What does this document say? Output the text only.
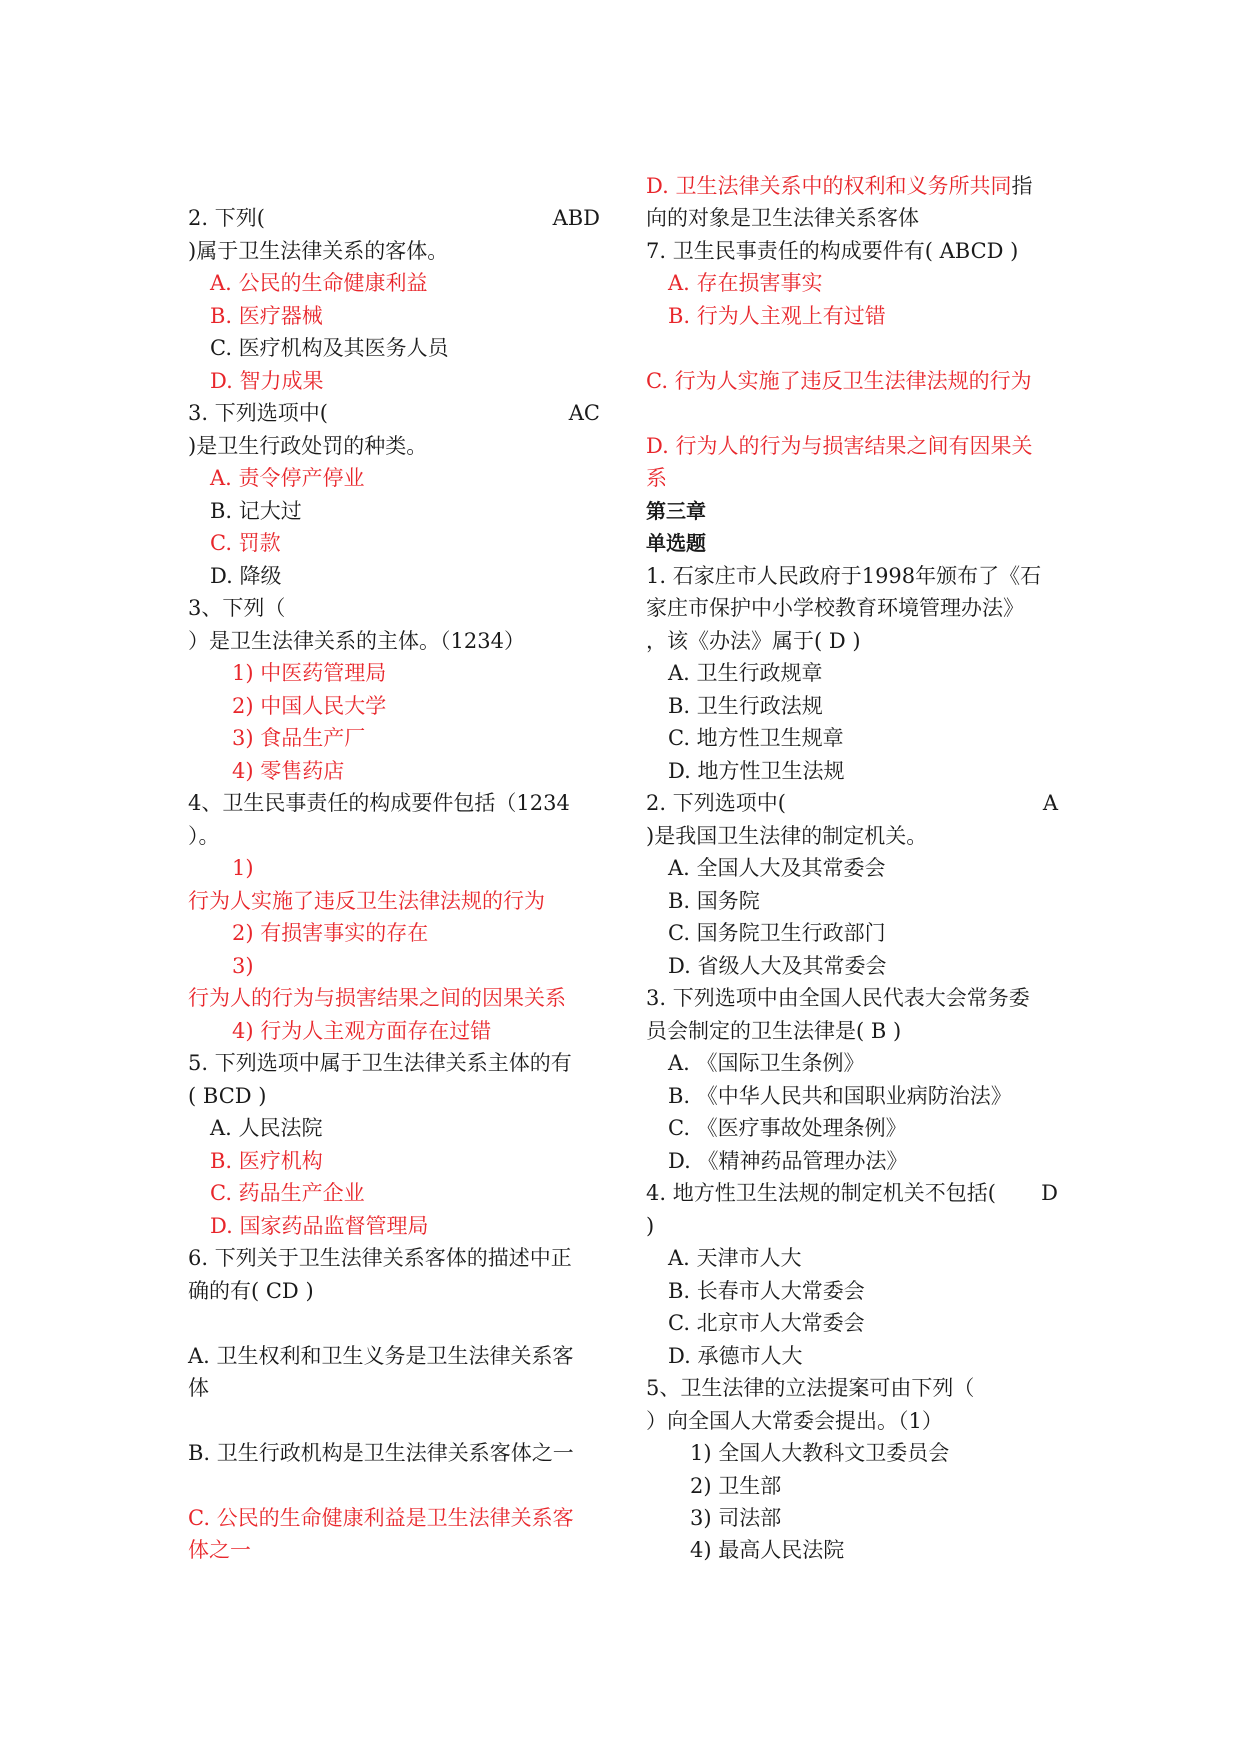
2. 下列(
)属于卫生法律关系的客体。
A. 公民的生命健康利益
B. 医疗器械
C. 医疗机构及其医务人员
D. 智力成果
3. 下列选项中(
)是卫生行政处罚的种类。
A. 责令停产停业
B. 记大过
C. 罚款
D. 降级
3、下列（
）是卫生法律关系的主体。（1234）
1) 中医药管理局
2) 中国人民大学
3) 食品生产厂
4) 零售药店
4、卫生民事责任的构成要件包括（1234
）。
1)
行为人实施了违反卫生法律法规的行为
2) 有损害事实的存在
3)
行为人的行为与损害结果之间的因果关系
4) 行为人主观方面存在过错
5. 下列选项中属于卫生法律关系主体的有
( BCD )
A. 人民法院
B. 医疗机构
C. 药品生产企业
D. 国家药品监督管理局
6. 下列关于卫生法律关系客体的描述中正
确的有( CD )
A. 卫生权利和卫生义务是卫生法律关系客
体
B. 卫生行政机构是卫生法律关系客体之一
C. 公民的生命健康利益是卫生法律关系客
体之一
ABD
AC
D. 卫生法律关系中的权利和义务所共同指
向的对象是卫生法律关系客体
7. 卫生民事责任的构成要件有( ABCD )
A. 存在损害事实
B. 行为人主观上有过错
C. 行为人实施了违反卫生法律法规的行为
D. 行为人的行为与损害结果之间有因果关
系
第三章
单选题
1. 石家庄市人民政府于1998年颁布了《石
家庄市保护中小学校教育环境管理办法》
，该《办法》属于( D )
A. 卫生行政规章
B. 卫生行政法规
C. 地方性卫生规章
D. 地方性卫生法规
2. 下列选项中(
)是我国卫生法律的制定机关。
A. 全国人大及其常委会
B. 国务院
C. 国务院卫生行政部门
D. 省级人大及其常委会
3. 下列选项中由全国人民代表大会常务委
员会制定的卫生法律是( B )
A. 《国际卫生条例》
B. 《中华人民共和国职业病防治法》
C. 《医疗事故处理条例》
D. 《精神药品管理办法》
4. 地方性卫生法规的制定机关不包括(
)
A. 天津市人大
B. 长春市人大常委会
C. 北京市人大常委会
D. 承德市人大
5、卫生法律的立法提案可由下列（
）向全国人大常委会提出。（1）
1) 全国人大教科文卫委员会
2) 卫生部
3) 司法部
4) 最高人民法院
A
D
